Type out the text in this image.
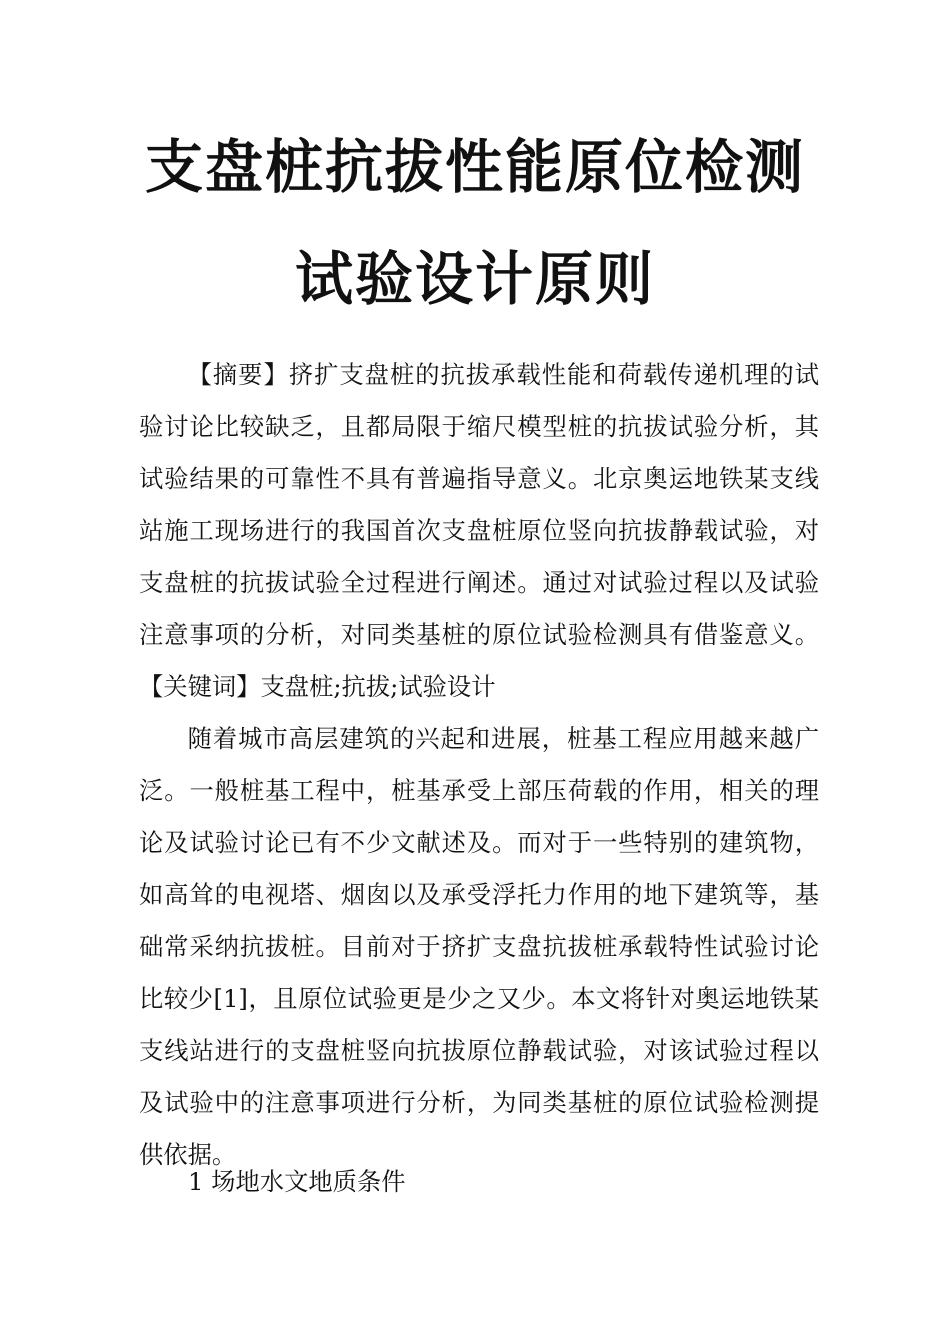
支盘桩抗拔性能原位检测
试验设计原则

【摘要】挤扩支盘桩的抗拔承载性能和荷载传递机理的试验讨论比较缺乏，且都局限于缩尺模型桩的抗拔试验分析，其试验结果的可靠性不具有普遍指导意义。北京奥运地铁某支线站施工现场进行的我国首次支盘桩原位竖向抗拔静载试验，对支盘桩的抗拔试验全过程进行阐述。通过对试验过程以及试验注意事项的分析，对同类基桩的原位试验检测具有借鉴意义。【关键词】支盘桩;抗拔;试验设计

随着城市高层建筑的兴起和进展，桩基工程应用越来越广泛。一般桩基工程中，桩基承受上部压荷载的作用，相关的理论及试验讨论已有不少文献述及。而对于一些特别的建筑物，如高耸的电视塔、烟囱以及承受浮托力作用的地下建筑等，基础常采纳抗拔桩。目前对于挤扩支盘抗拔桩承载特性试验讨论比较少[1]，且原位试验更是少之又少。本文将针对奥运地铁某支线站进行的支盘桩竖向抗拔原位静载试验，对该试验过程以及试验中的注意事项进行分析，为同类基桩的原位试验检测提供依据。

1 场地水文地质条件
